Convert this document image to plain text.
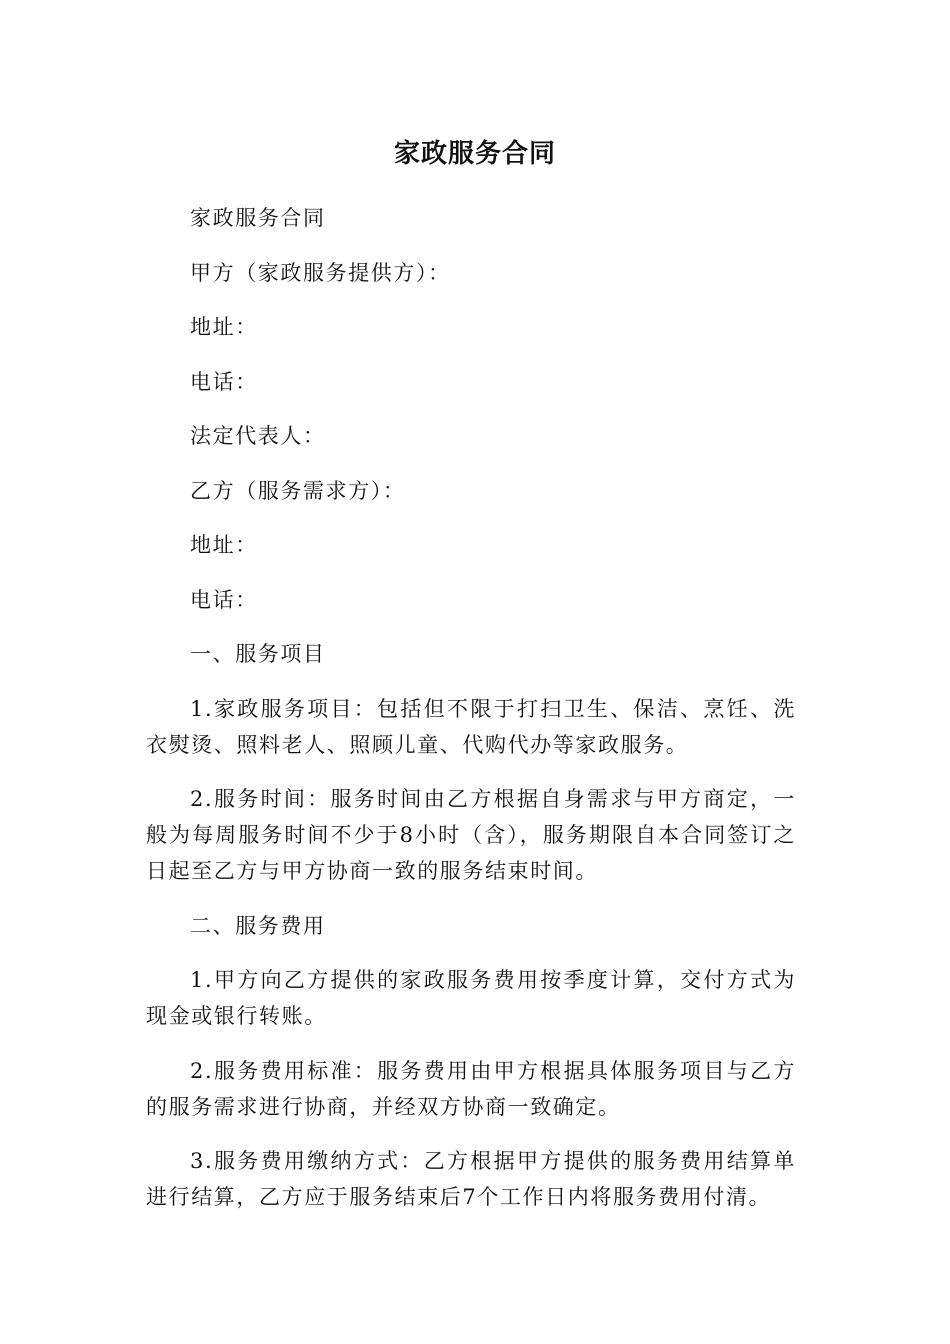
家政服务合同

家政服务合同

甲方（家政服务提供方）：

地址：

电话：

法定代表人：

乙方（服务需求方）：

地址：

电话：

一、服务项目

1.家政服务项目：包括但不限于打扫卫生、保洁、烹饪、洗衣熨烫、照料老人、照顾儿童、代购代办等家政服务。

2.服务时间：服务时间由乙方根据自身需求与甲方商定，一般为每周服务时间不少于8小时（含），服务期限自本合同签订之日起至乙方与甲方协商一致的服务结束时间。

二、服务费用

1.甲方向乙方提供的家政服务费用按季度计算，交付方式为现金或银行转账。

2.服务费用标准：服务费用由甲方根据具体服务项目与乙方的服务需求进行协商，并经双方协商一致确定。

3.服务费用缴纳方式：乙方根据甲方提供的服务费用结算单进行结算，乙方应于服务结束后7个工作日内将服务费用付清。
